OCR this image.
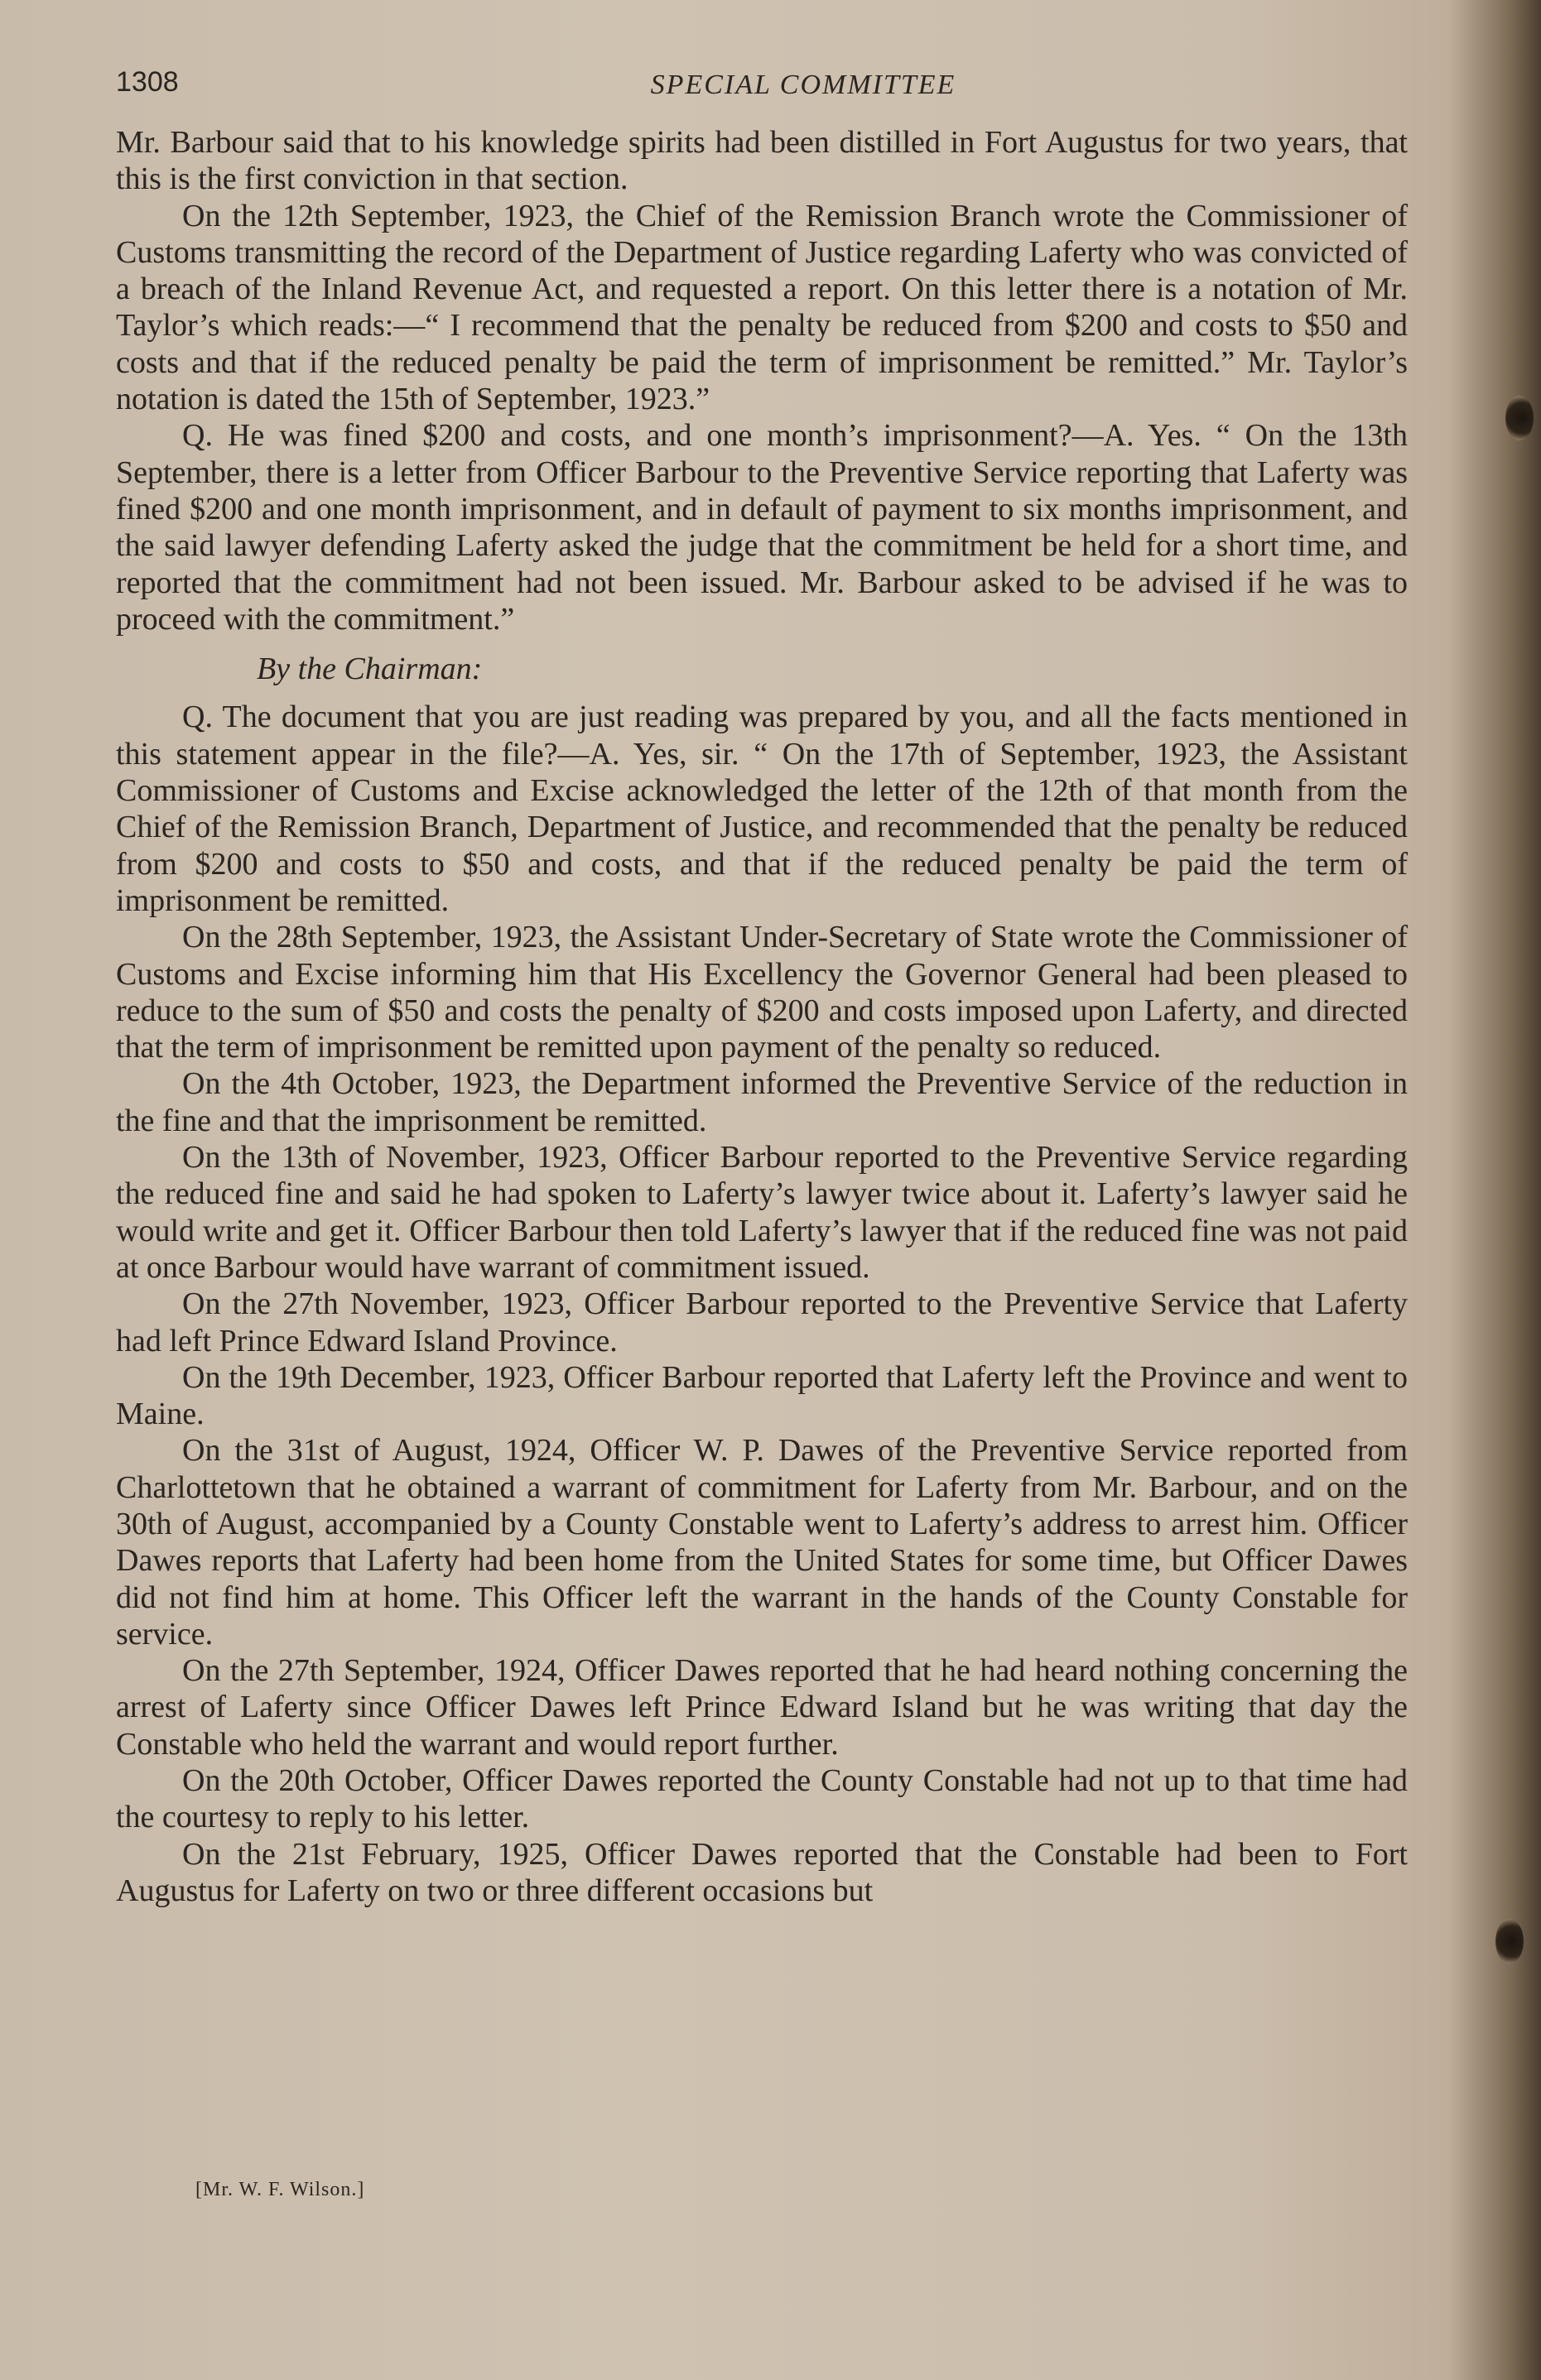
1308	SPECIAL COMMITTEE

Mr. Barbour said that to his knowledge spirits had been distilled in Fort Augustus for two years, that this is the first conviction in that section.

On the 12th September, 1923, the Chief of the Remission Branch wrote the Commissioner of Customs transmitting the record of the Department of Justice regarding Laferty who was convicted of a breach of the Inland Revenue Act, and requested a report. On this letter there is a notation of Mr. Taylor’s which reads:—“ I recommend that the penalty be reduced from $200 and costs to $50 and costs and that if the reduced penalty be paid the term of imprisonment be remitted.” Mr. Taylor’s notation is dated the 15th of September, 1923.”

Q. He was fined $200 and costs, and one month’s imprisonment?—A. Yes. “ On the 13th September, there is a letter from Officer Barbour to the Preventive Service reporting that Laferty was fined $200 and one month imprisonment, and in default of payment to six months imprisonment, and the said lawyer defending Laferty asked the judge that the commitment be held for a short time, and reported that the commitment had not been issued. Mr. Barbour asked to be advised if he was to proceed with the commitment.”

By the Chairman:

Q. The document that you are just reading was prepared by you, and all the facts mentioned in this statement appear in the file?—A. Yes, sir. “ On the 17th of September, 1923, the Assistant Commissioner of Customs and Excise acknowledged the letter of the 12th of that month from the Chief of the Remission Branch, Department of Justice, and recommended that the penalty be reduced from $200 and costs to $50 and costs, and that if the reduced penalty be paid the term of imprisonment be remitted.

On the 28th September, 1923, the Assistant Under-Secretary of State wrote the Commissioner of Customs and Excise informing him that His Excellency the Governor General had been pleased to reduce to the sum of $50 and costs the penalty of $200 and costs imposed upon Laferty, and directed that the term of imprisonment be remitted upon payment of the penalty so reduced.

On the 4th October, 1923, the Department informed the Preventive Service of the reduction in the fine and that the imprisonment be remitted.

On the 13th of November, 1923, Officer Barbour reported to the Preventive Service regarding the reduced fine and said he had spoken to Laferty’s lawyer twice about it. Laferty’s lawyer said he would write and get it. Officer Barbour then told Laferty’s lawyer that if the reduced fine was not paid at once Barbour would have warrant of commitment issued.

On the 27th November, 1923, Officer Barbour reported to the Preventive Service that Laferty had left Prince Edward Island Province.

On the 19th December, 1923, Officer Barbour reported that Laferty left the Province and went to Maine.

On the 31st of August, 1924, Officer W. P. Dawes of the Preventive Service reported from Charlottetown that he obtained a warrant of commitment for Laferty from Mr. Barbour, and on the 30th of August, accompanied by a County Constable went to Laferty’s address to arrest him. Officer Dawes reports that Laferty had been home from the United States for some time, but Officer Dawes did not find him at home. This Officer left the warrant in the hands of the County Constable for service.

On the 27th September, 1924, Officer Dawes reported that he had heard nothing concerning the arrest of Laferty since Officer Dawes left Prince Edward Island but he was writing that day the Constable who held the warrant and would report further.

On the 20th October, Officer Dawes reported the County Constable had not up to that time had the courtesy to reply to his letter.

On the 21st February, 1925, Officer Dawes reported that the Constable had been to Fort Augustus for Laferty on two or three different occasions but

[Mr. W. F. Wilson.]
